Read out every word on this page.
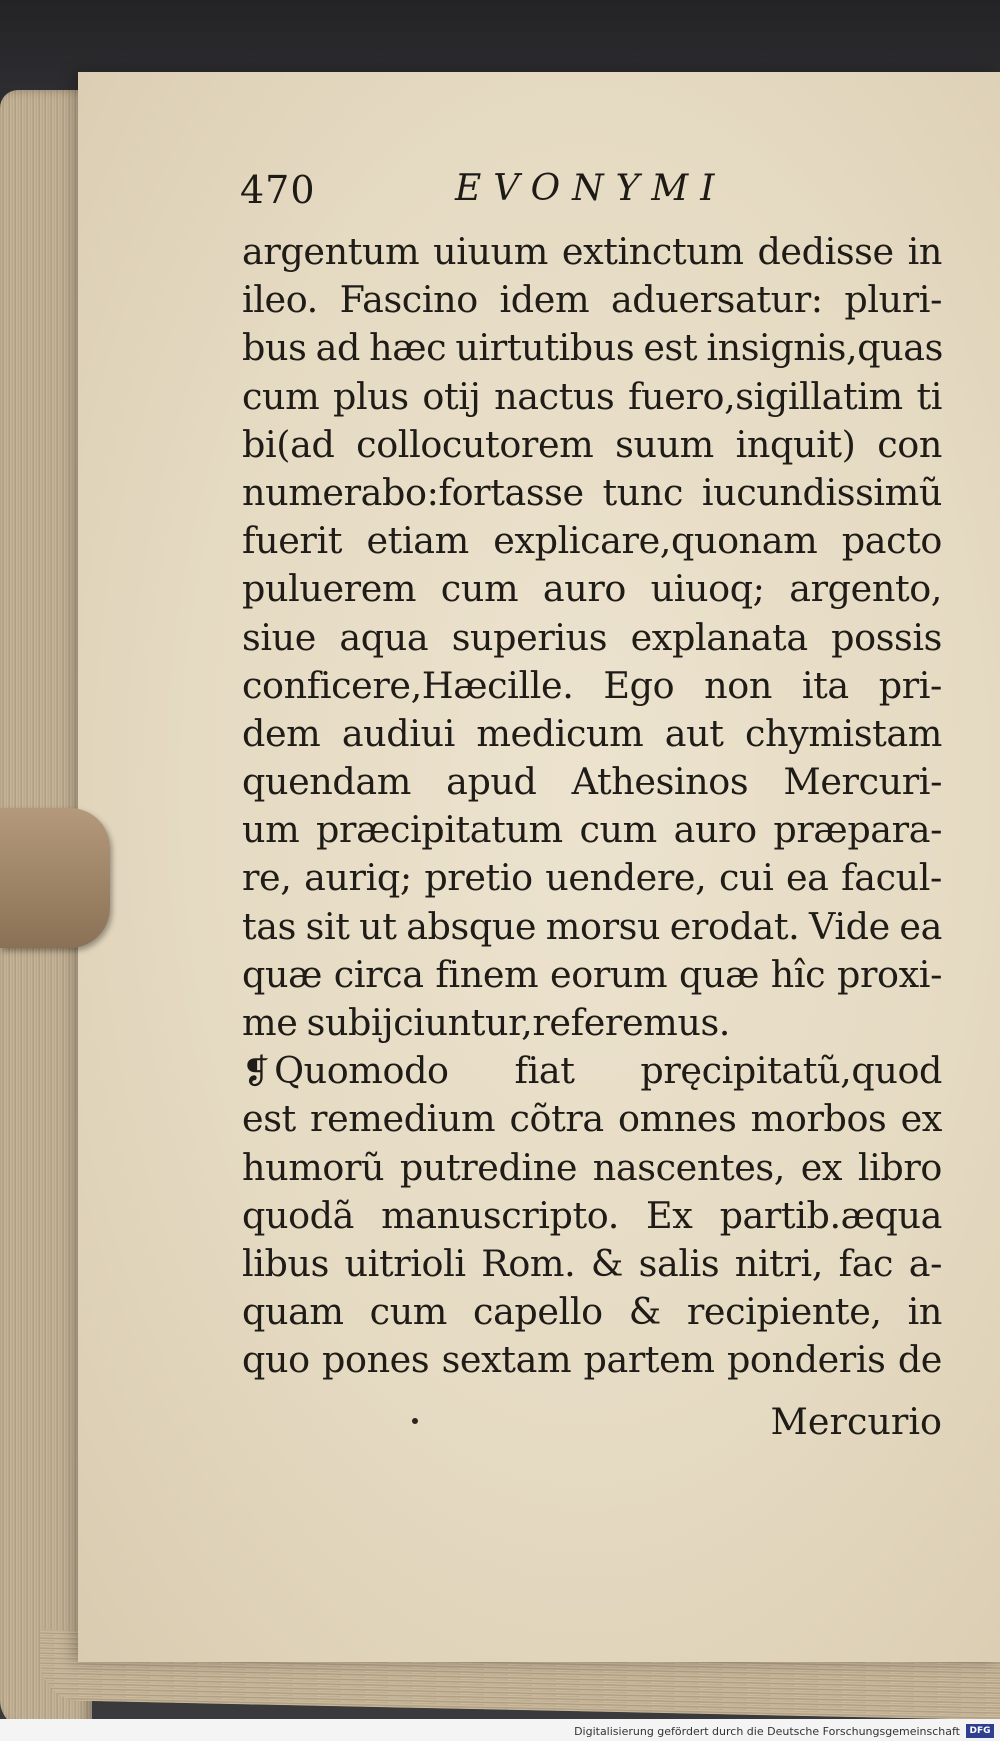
470	EVONYMI
argentum uiuum extinctum dedisse in
ileo. Fascino idem aduersatur: pluri-
bus ad hæc uirtutibus est insignis,quas
cum plus otij nactus fuero,sigillatim ti
bi(ad collocutorem suum inquit) con
numerabo:fortasse tunc iucundissimũ
fuerit etiam explicare,quonam pacto
puluerem cum auro uiuoq; argento,
siue aqua superius explanata possis
conficere,Hæcille. Ego non ita pri-
dem audiui medicum aut chymistam
quendam apud Athesinos Mercuri-
um præcipitatum cum auro præpara-
re, auriq; pretio uendere, cui ea facul-
tas sit ut absque morsu erodat. Vide ea
quæ circa finem eorum quæ hîc proxi-
me subijciuntur,referemus.
❡ Quomodo fiat pręcipitatũ,quod
est remedium cõtra omnes morbos ex
humorũ putredine nascentes, ex libro
quodã manuscripto. Ex partib.æqua
libus uitrioli Rom. & salis nitri, fac a-
quam cum capello & recipiente, in
quo pones sextam partem ponderis de
Mercurio
Digitalisierung gefördert durch die Deutsche Forschungsgemeinschaft	DFG
